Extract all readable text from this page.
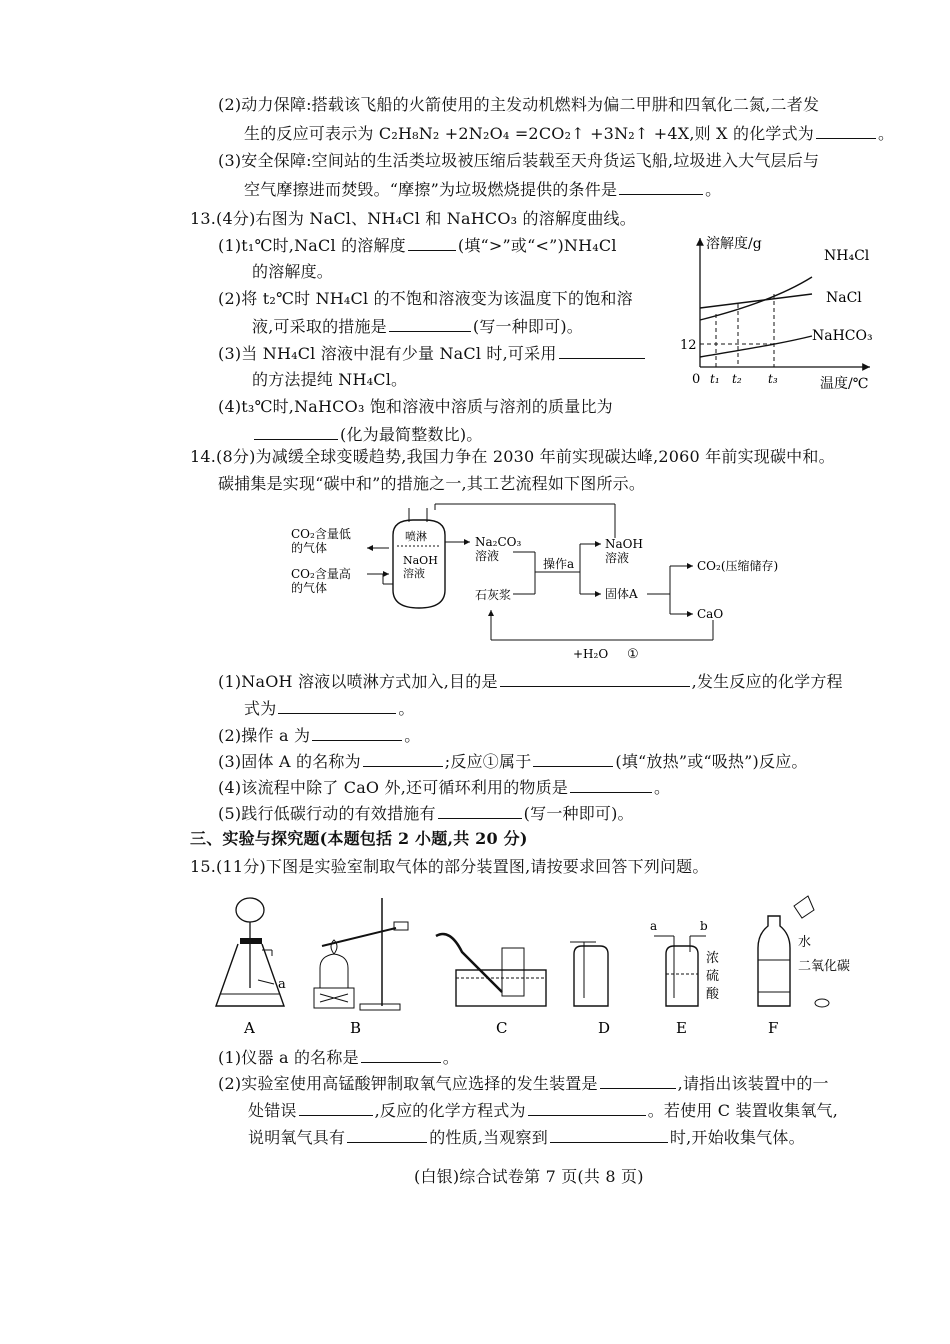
(2)动力保障:搭载该飞船的火箭使用的主发动机燃料为偏二甲肼和四氧化二氮,二者发
生的反应可表示为 C₂H₈N₂ +2N₂O₄ =2CO₂↑ +3N₂↑ +4X,则 X 的化学式为	。
(3)安全保障:空间站的生活类垃圾被压缩后装载至天舟货运飞船,垃圾进入大气层后与
空气摩擦进而焚毁。“摩擦”为垃圾燃烧提供的条件是	。
13.(4分)右图为 NaCl、NH₄Cl 和 NaHCO₃ 的溶解度曲线。
(1)t₁℃时,NaCl 的溶解度	(填“>”或“<”)NH₄Cl
的溶解度。
(2)将 t₂℃时 NH₄Cl 的不饱和溶液变为该温度下的饱和溶
液,可采取的措施是	(写一种即可)。
(3)当 NH₄Cl 溶液中混有少量 NaCl 时,可采用
的方法提纯 NH₄Cl。
(4)t₃℃时,NaHCO₃ 饱和溶液中溶质与溶剂的质量比为
(化为最简整数比)。
溶解度/g
温度/℃
0
12
t₁ t₂ t₃
NH₄Cl
NaCl
NaHCO₃
14.(8分)为减缓全球变暖趋势,我国力争在 2030 年前实现碳达峰,2060 年前实现碳中和。
碳捕集是实现“碳中和”的措施之一,其工艺流程如下图所示。
CO₂含量低
的气体
CO₂含量高
的气体
喷淋
NaOH
溶液
Na₂CO₃
溶液
石灰浆
操作a
NaOH
溶液
固体A
CO₂(压缩储存)
CaO
+H₂O ①
(1)NaOH 溶液以喷淋方式加入,目的是	,发生反应的化学方程
式为	。
(2)操作 a 为	。
(3)固体 A 的名称为	;反应①属于	(填“放热”或“吸热”)反应。
(4)该流程中除了 CaO 外,还可循环利用的物质是	。
(5)践行低碳行动的有效措施有	(写一种即可)。
三、实验与探究题(本题包括 2 小题,共 20 分)
15.(11分)下图是实验室制取气体的部分装置图,请按要求回答下列问题。
a
A	B	C	D
a	b
浓
硫
酸
E
水
二氧化碳
F
(1)仪器 a 的名称是	。
(2)实验室使用高锰酸钾制取氧气应选择的发生装置是	,请指出该装置中的一
处错误	,反应的化学方程式为	。若使用 C 装置收集氧气,
说明氧气具有	的性质,当观察到	时,开始收集气体。
(白银)综合试卷第 7 页(共 8 页)
